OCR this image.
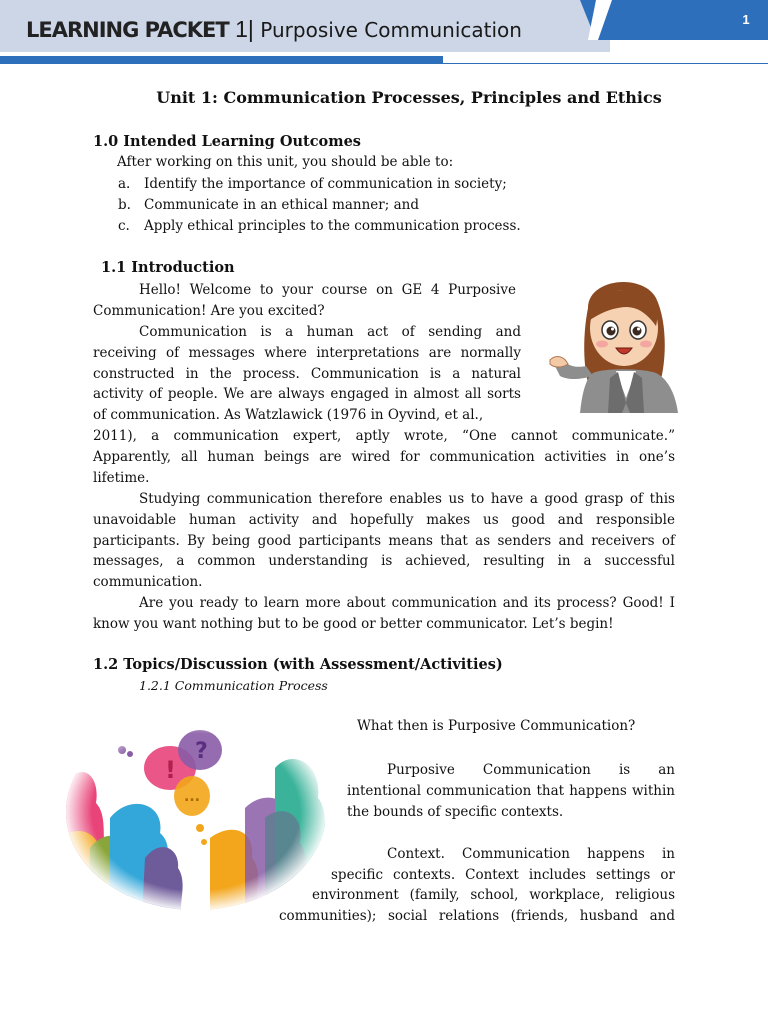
LEARNING PACKET 1| Purposive Communication	1
Unit 1: Communication Processes, Principles and Ethics
1.0 Intended Learning Outcomes
After working on this unit, you should be able to:
a. Identify the importance of communication in society;
b. Communicate in an ethical manner; and
c. Apply ethical principles to the communication process.
1.1 Introduction
Hello! Welcome to your course on GE 4 Purposive Communication! Are you excited?
Communication is a human act of sending and receiving of messages where interpretations are normally constructed in the process. Communication is a natural activity of people. We are always engaged in almost all sorts of communication. As Watzlawick (1976 in Oyvind, et al.,
2011), a communication expert, aptly wrote, “One cannot communicate.” Apparently, all human beings are wired for communication activities in one’s lifetime.
Studying communication therefore enables us to have a good grasp of this unavoidable human activity and hopefully makes us good and responsible participants. By being good participants means that as senders and receivers of messages, a common understanding is achieved, resulting in a successful communication.
Are you ready to learn more about communication and its process? Good! I know you want nothing but to be good or better communicator. Let’s begin!
1.2 Topics/Discussion (with Assessment/Activities)
1.2.1 Communication Process
What then is Purposive Communication?
Purposive Communication is an intentional communication that happens within the bounds of specific contexts.
Context. Communication happens in
specific contexts. Context includes settings or
environment (family, school, workplace, religious
communities); social relations (friends, husband and
